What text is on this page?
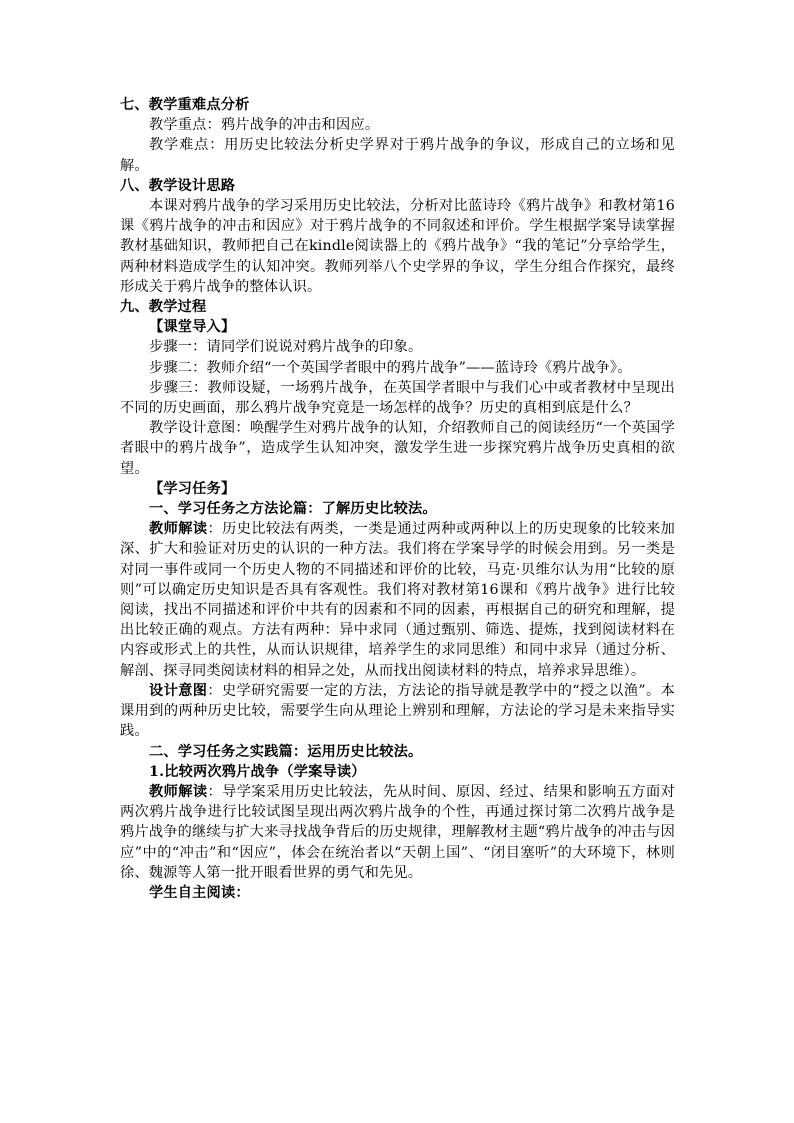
七、教学重难点分析

教学重点：鸦片战争的冲击和因应。

教学难点：用历史比较法分析史学界对于鸦片战争的争议，形成自己的立场和见解。

八、教学设计思路

本课对鸦片战争的学习采用历史比较法，分析对比蓝诗玲《鸦片战争》和教材第16课《鸦片战争的冲击和因应》对于鸦片战争的不同叙述和评价。学生根据学案导读掌握教材基础知识，教师把自己在kindle阅读器上的《鸦片战争》“我的笔记”分享给学生，两种材料造成学生的认知冲突。教师列举八个史学界的争议，学生分组合作探究，最终形成关于鸦片战争的整体认识。

九、教学过程

【课堂导入】

步骤一：请同学们说说对鸦片战争的印象。

步骤二：教师介绍“一个英国学者眼中的鸦片战争”——蓝诗玲《鸦片战争》。

步骤三：教师设疑，一场鸦片战争，在英国学者眼中与我们心中或者教材中呈现出不同的历史画面，那么鸦片战争究竟是一场怎样的战争？历史的真相到底是什么？

教学设计意图：唤醒学生对鸦片战争的认知，介绍教师自己的阅读经历“一个英国学者眼中的鸦片战争”，造成学生认知冲突，激发学生进一步探究鸦片战争历史真相的欲望。

【学习任务】

一、学习任务之方法论篇：了解历史比较法。

教师解读：历史比较法有两类，一类是通过两种或两种以上的历史现象的比较来加深、扩大和验证对历史的认识的一种方法。我们将在学案导学的时候会用到。另一类是对同一事件或同一个历史人物的不同描述和评价的比较，马克·贝维尔认为用“比较的原则”可以确定历史知识是否具有客观性。我们将对教材第16课和《鸦片战争》进行比较阅读，找出不同描述和评价中共有的因素和不同的因素，再根据自己的研究和理解，提出比较正确的观点。方法有两种：异中求同（通过甄别、筛选、提炼，找到阅读材料在内容或形式上的共性，从而认识规律，培养学生的求同思维）和同中求异（通过分析、解剖、探寻同类阅读材料的相异之处，从而找出阅读材料的特点，培养求异思维）。

设计意图：史学研究需要一定的方法，方法论的指导就是教学中的“授之以渔”。本课用到的两种历史比较，需要学生向从理论上辨别和理解，方法论的学习是未来指导实践。

二、学习任务之实践篇：运用历史比较法。

1.比较两次鸦片战争（学案导读）

教师解读：导学案采用历史比较法，先从时间、原因、经过、结果和影响五方面对两次鸦片战争进行比较试图呈现出两次鸦片战争的个性，再通过探讨第二次鸦片战争是鸦片战争的继续与扩大来寻找战争背后的历史规律，理解教材主题“鸦片战争的冲击与因应”中的“冲击”和“因应”，体会在统治者以“天朝上国”、“闭目塞听”的大环境下，林则徐、魏源等人第一批开眼看世界的勇气和先见。

学生自主阅读：
